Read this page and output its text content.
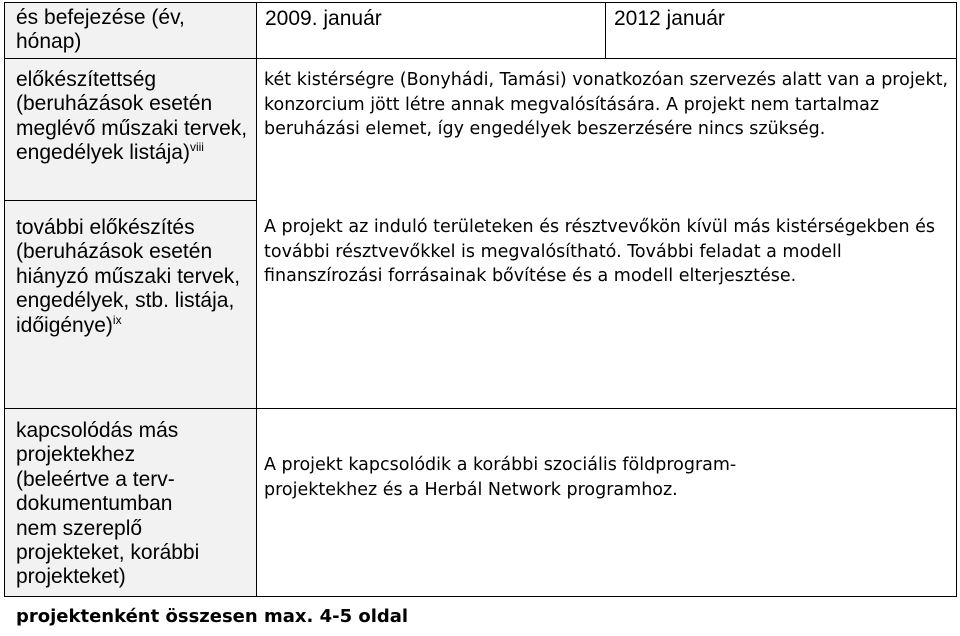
és befejezése (év, hónap)
előkészítettség (beruházások esetén meglévő műszaki tervek, engedélyek listája)$^{viii}$
további előkészítés (beruházások esetén hiányzó műszaki tervek, engedélyek, stb. listája, időigénye)$^{ix}$
kapcsolódás más projektekhez (beleértve a terv-dokumentumban nem szereplő projekteket, korábbi projekteket)
2009. január	2012 január
két kistérségre (Bonyhádi, Tamási) vonatkozóan szervezés alatt van a projekt, konzorcium jött létre annak megvalósítására. A projekt nem tartalmaz beruházási elemet, így engedélyek beszerzésére nincs szükség.
A projekt az induló területeken és résztvevőkön kívül más kistérségekben és további résztvevőkkel is megvalósítható. További feladat a modell finanszírozási forrásainak bővítése és a modell elterjesztése.
A projekt kapcsolódik a korábbi szociális földprogram-projektekhez és a Herbál Network programhoz.
projektenként összesen max. 4-5 oldal
